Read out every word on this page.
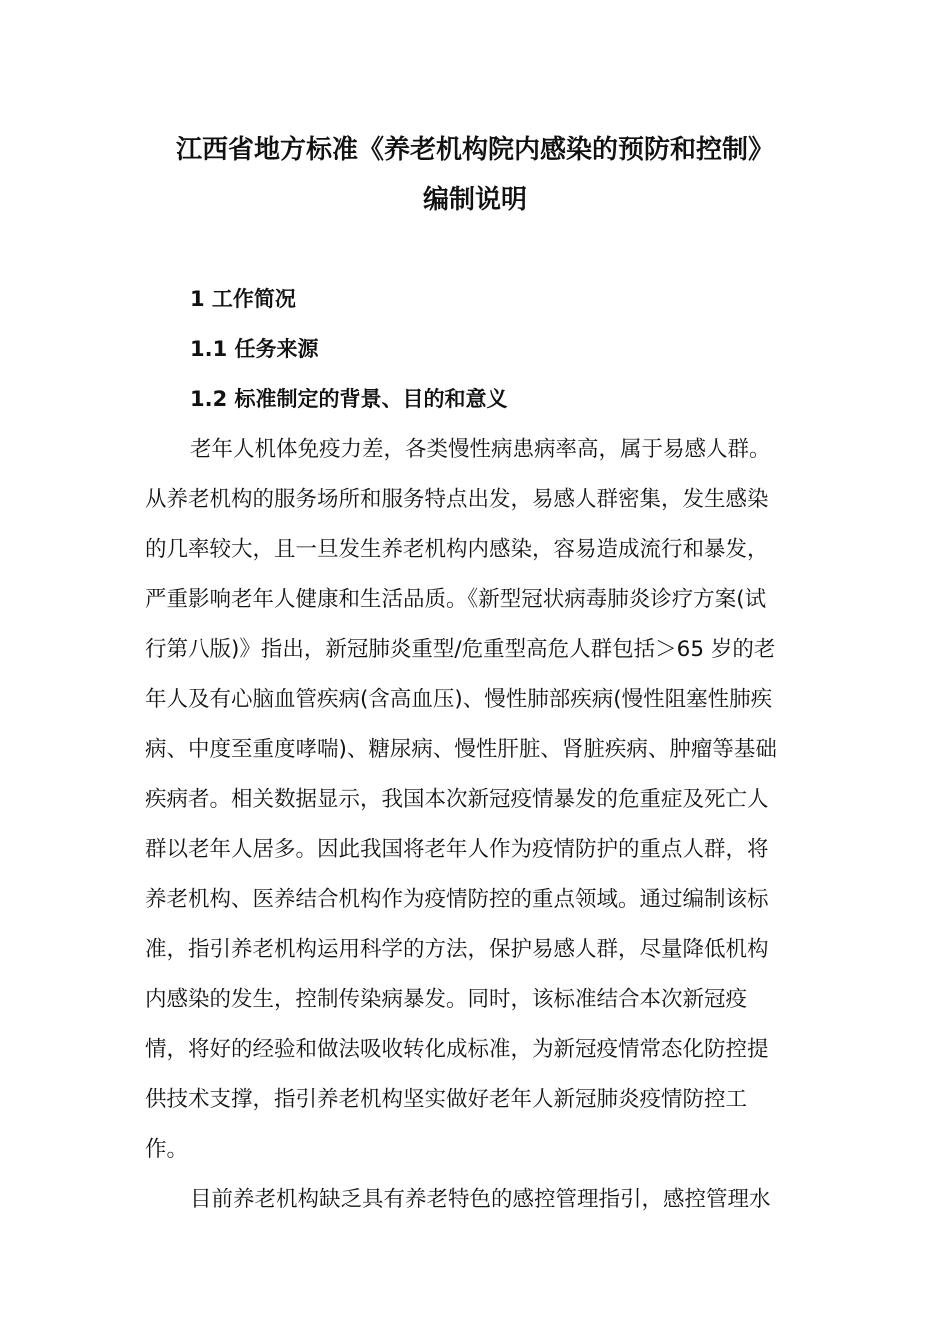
江西省地方标准《养老机构院内感染的预防和控制》
编制说明
1 工作简况
1.1 任务来源
1.2 标准制定的背景、目的和意义
老年人机体免疫力差，各类慢性病患病率高，属于易感人群。
从养老机构的服务场所和服务特点出发，易感人群密集，发生感染
的几率较大，且一旦发生养老机构内感染，容易造成流行和暴发，
严重影响老年人健康和生活品质。《新型冠状病毒肺炎诊疗方案(试
行第八版)》指出，新冠肺炎重型/危重型高危人群包括＞65 岁的老
年人及有心脑血管疾病(含高血压)、慢性肺部疾病(慢性阻塞性肺疾
病、中度至重度哮喘)、糖尿病、慢性肝脏、肾脏疾病、肿瘤等基础
疾病者。相关数据显示，我国本次新冠疫情暴发的危重症及死亡人
群以老年人居多。因此我国将老年人作为疫情防护的重点人群，将
养老机构、医养结合机构作为疫情防控的重点领域。通过编制该标
准，指引养老机构运用科学的方法，保护易感人群，尽量降低机构
内感染的发生，控制传染病暴发。同时，该标准结合本次新冠疫
情，将好的经验和做法吸收转化成标准，为新冠疫情常态化防控提
供技术支撑，指引养老机构坚实做好老年人新冠肺炎疫情防控工
作。
目前养老机构缺乏具有养老特色的感控管理指引，感控管理水
